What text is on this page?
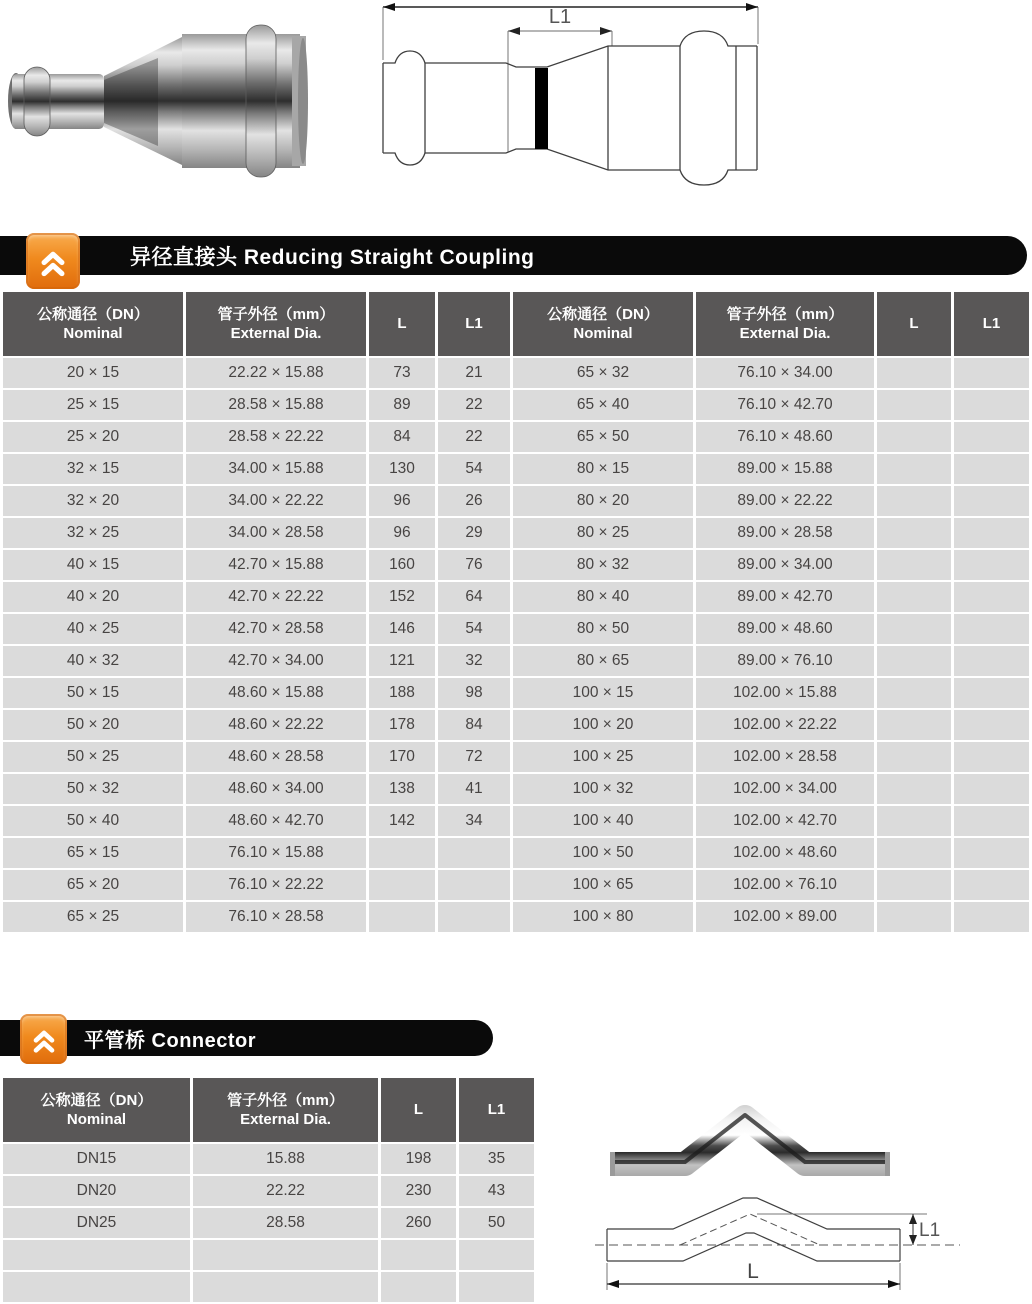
L1
异径直接头 Reducing Straight Coupling
公称通径（DN）
Nominal	管子外径（mm）
External Dia.	L	L1	公称通径（DN）
Nominal	管子外径（mm）
External Dia.	L	L1
20 × 15	22.22 × 15.88	73	21	65 × 32	76.10 × 34.00		
25 × 15	28.58 × 15.88	89	22	65 × 40	76.10 × 42.70		
25 × 20	28.58 × 22.22	84	22	65 × 50	76.10 × 48.60		
32 × 15	34.00 × 15.88	130	54	80 × 15	89.00 × 15.88		
32 × 20	34.00 × 22.22	96	26	80 × 20	89.00 × 22.22		
32 × 25	34.00 × 28.58	96	29	80 × 25	89.00 × 28.58		
40 × 15	42.70 × 15.88	160	76	80 × 32	89.00 × 34.00		
40 × 20	42.70 × 22.22	152	64	80 × 40	89.00 × 42.70		
40 × 25	42.70 × 28.58	146	54	80 × 50	89.00 × 48.60		
40 × 32	42.70 × 34.00	121	32	80 × 65	89.00 × 76.10		
50 × 15	48.60 × 15.88	188	98	100 × 15	102.00 × 15.88		
50 × 20	48.60 × 22.22	178	84	100 × 20	102.00 × 22.22		
50 × 25	48.60 × 28.58	170	72	100 × 25	102.00 × 28.58		
50 × 32	48.60 × 34.00	138	41	100 × 32	102.00 × 34.00		
50 × 40	48.60 × 42.70	142	34	100 × 40	102.00 × 42.70		
65 × 15	76.10 × 15.88			100 × 50	102.00 × 48.60		
65 × 20	76.10 × 22.22			100 × 65	102.00 × 76.10		
65 × 25	76.10 × 28.58			100 × 80	102.00 × 89.00		
平管桥 Connector
公称通径（DN）
Nominal	管子外径（mm）
External Dia.	L	L1
DN15	15.88	198	35
DN20	22.22	230	43
DN25	28.58	260	50

				L1
L
